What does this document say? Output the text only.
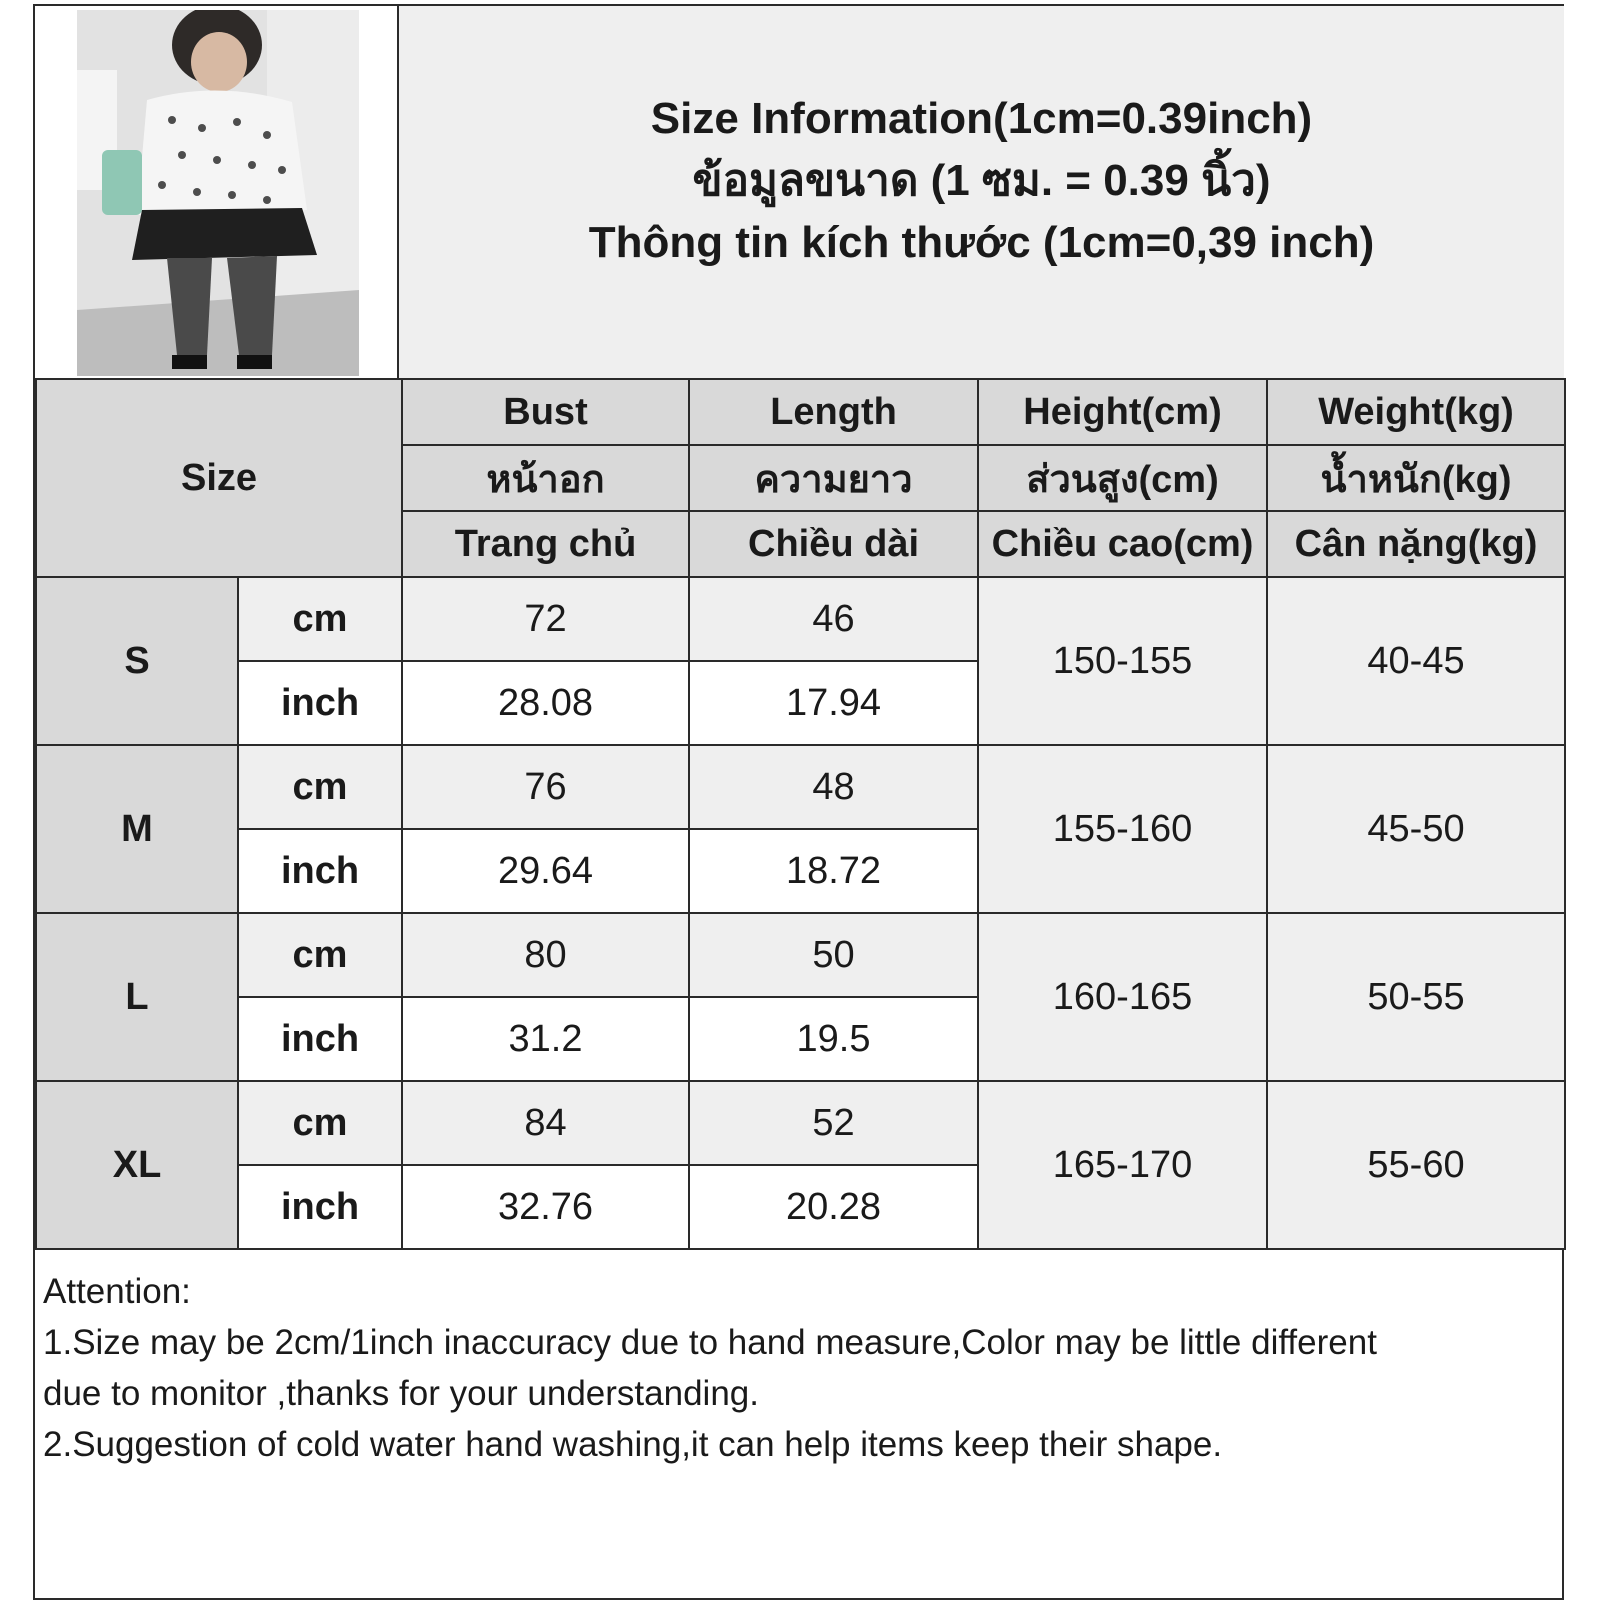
Size Information(1cm=0.39inch)
ข้อมูลขนาด (1 ซม. = 0.39 นิ้ว)
Thông tin kích thước (1cm=0,39 inch)
Size		Bust	Length	Height(cm)	Weight(kg)
		หน้าอก	ความยาว	ส่วนสูง(cm)	น้ำหนัก(kg)
		Trang chủ	Chiều dài	Chiều cao(cm)	Cân nặng(kg)
S	cm	72	46	150-155	40-45
	inch	28.08	17.94		
M	cm	76	48	155-160	45-50
	inch	29.64	18.72		
L	cm	80	50	160-165	50-55
	inch	31.2	19.5		
XL	cm	84	52	165-170	55-60
	inch	32.76	20.28		
Attention:
1.Size may be 2cm/1inch inaccuracy due to hand measure,Color may be little different
due to monitor ,thanks for your understanding.
2.Suggestion of cold water hand washing,it can help items keep their shape.
